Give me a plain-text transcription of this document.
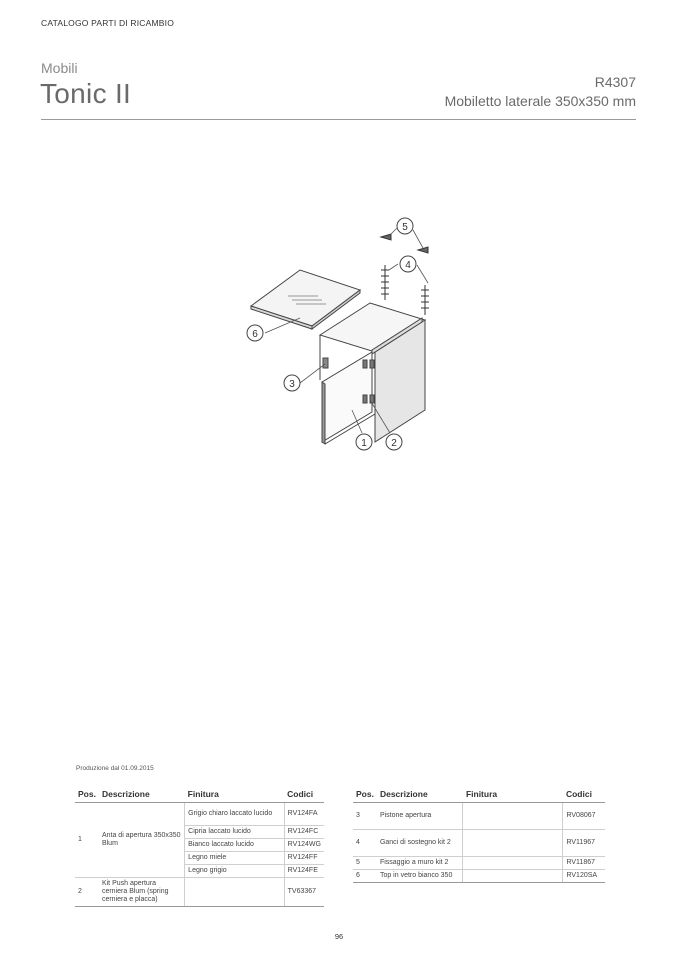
CATALOGO PARTI DI RICAMBIO
Mobili
Tonic II	R4307
Mobiletto laterale 350x350 mm
6
3
1 2
4
5
Produzione dal 01.09.2015
Pos.	Descrizione	Finitura	Codici
1	Anta di apertura 350x350 Blum	Grigio chiaro laccato lucido	RV124FA
		Cipria laccato lucido	RV124FC
		Bianco laccato lucido	RV124WG
		Legno miele	RV124FF
		Legno grigio	RV124FE
2	Kit Push apertura cerniera Blum (spring cerniera e placca)		TV63367
Pos.	Descrizione	Finitura	Codici
3	Pistone apertura		RV08067
4	Ganci di sostegno kit 2		RV11967
5	Fissaggio a muro kit 2		RV11867
6	Top in vetro bianco 350		RV120SA
96
